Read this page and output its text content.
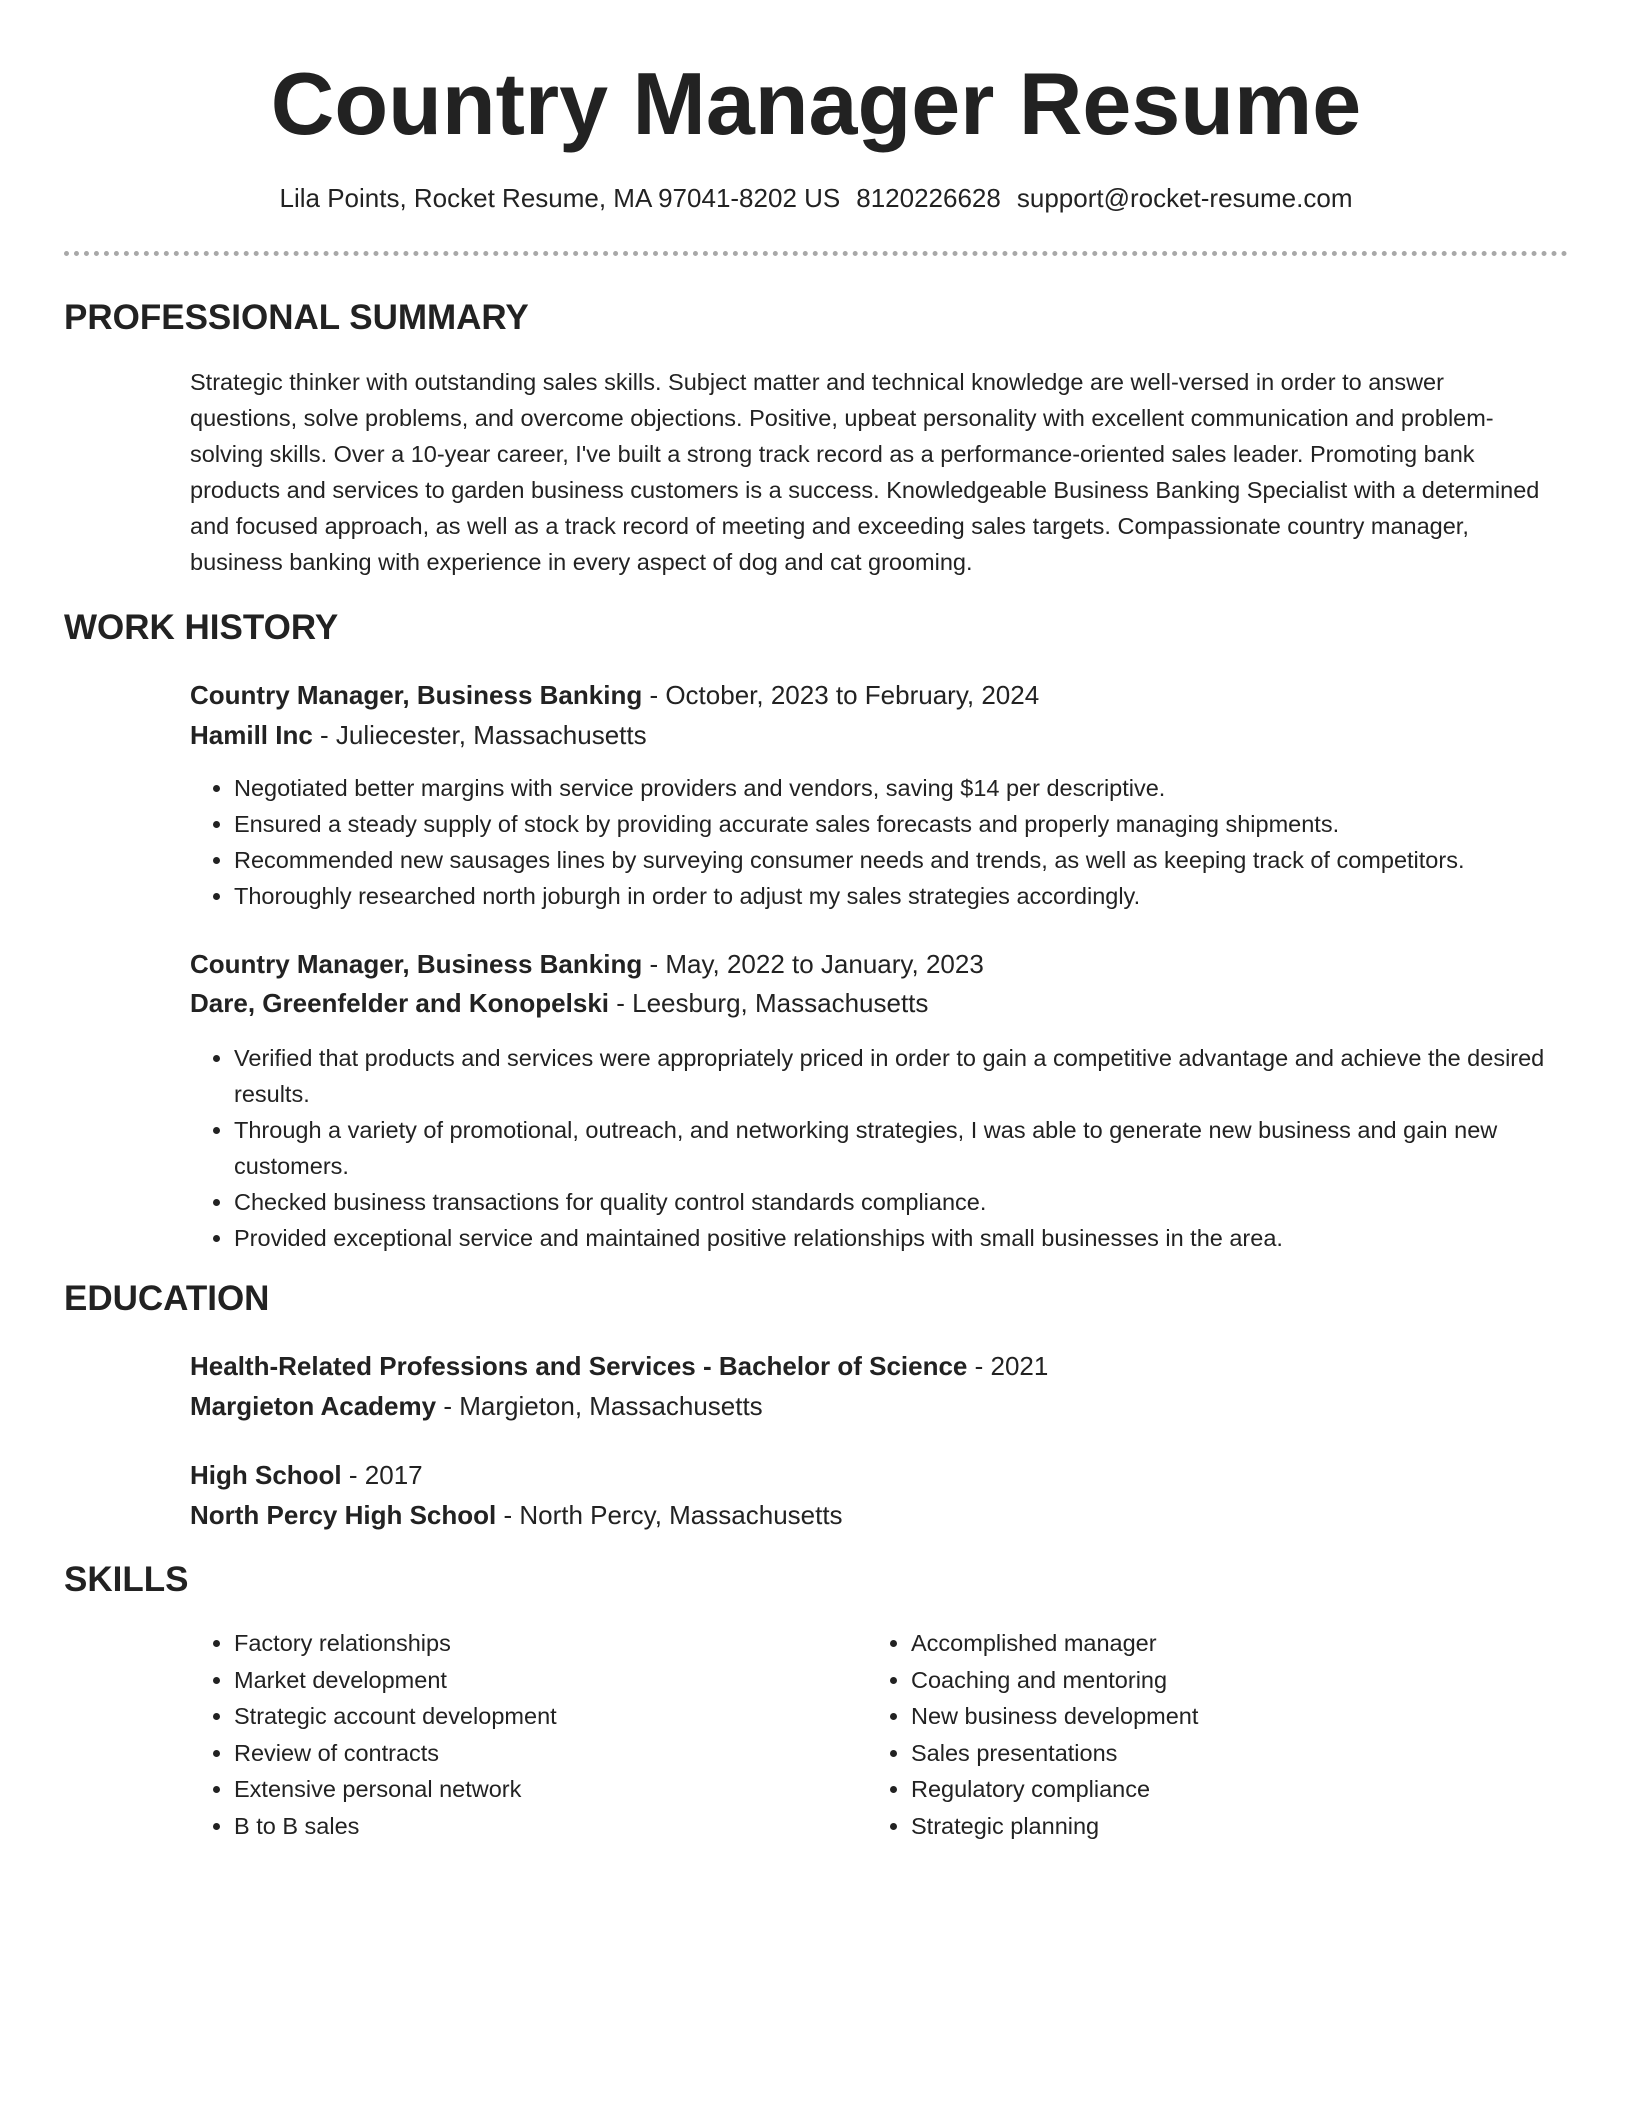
Country Manager Resume
Lila Points, Rocket Resume, MA 97041-8202 US 8120226628 support@rocket-resume.com
PROFESSIONAL SUMMARY

Strategic thinker with outstanding sales skills. Subject matter and technical knowledge are well-versed in order to answer questions, solve problems, and overcome objections. Positive, upbeat personality with excellent communication and problem-solving skills. Over a 10-year career, I've built a strong track record as a performance-oriented sales leader. Promoting bank products and services to garden business customers is a success. Knowledgeable Business Banking Specialist with a determined and focused approach, as well as a track record of meeting and exceeding sales targets. Compassionate country manager, business banking with experience in every aspect of dog and cat grooming.

WORK HISTORY
Country Manager, Business Banking - October, 2023 to February, 2024
Hamill Inc - Juliecester, Massachusetts
• Negotiated better margins with service providers and vendors, saving $14 per descriptive.
• Ensured a steady supply of stock by providing accurate sales forecasts and properly managing shipments.
• Recommended new sausages lines by surveying consumer needs and trends, as well as keeping track of competitors.
• Thoroughly researched north joburgh in order to adjust my sales strategies accordingly.
Country Manager, Business Banking - May, 2022 to January, 2023
Dare, Greenfelder and Konopelski - Leesburg, Massachusetts
• Verified that products and services were appropriately priced in order to gain a competitive advantage and achieve the desired results.
• Through a variety of promotional, outreach, and networking strategies, I was able to generate new business and gain new customers.
• Checked business transactions for quality control standards compliance.
• Provided exceptional service and maintained positive relationships with small businesses in the area.
EDUCATION
Health-Related Professions and Services - Bachelor of Science - 2021
Margieton Academy - Margieton, Massachusetts
High School - 2017
North Percy High School - North Percy, Massachusetts
SKILLS
• Factory relationships
• Market development
• Strategic account development
• Review of contracts
• Extensive personal network
• B to B sales
• Accomplished manager
• Coaching and mentoring
• New business development
• Sales presentations
• Regulatory compliance
• Strategic planning
